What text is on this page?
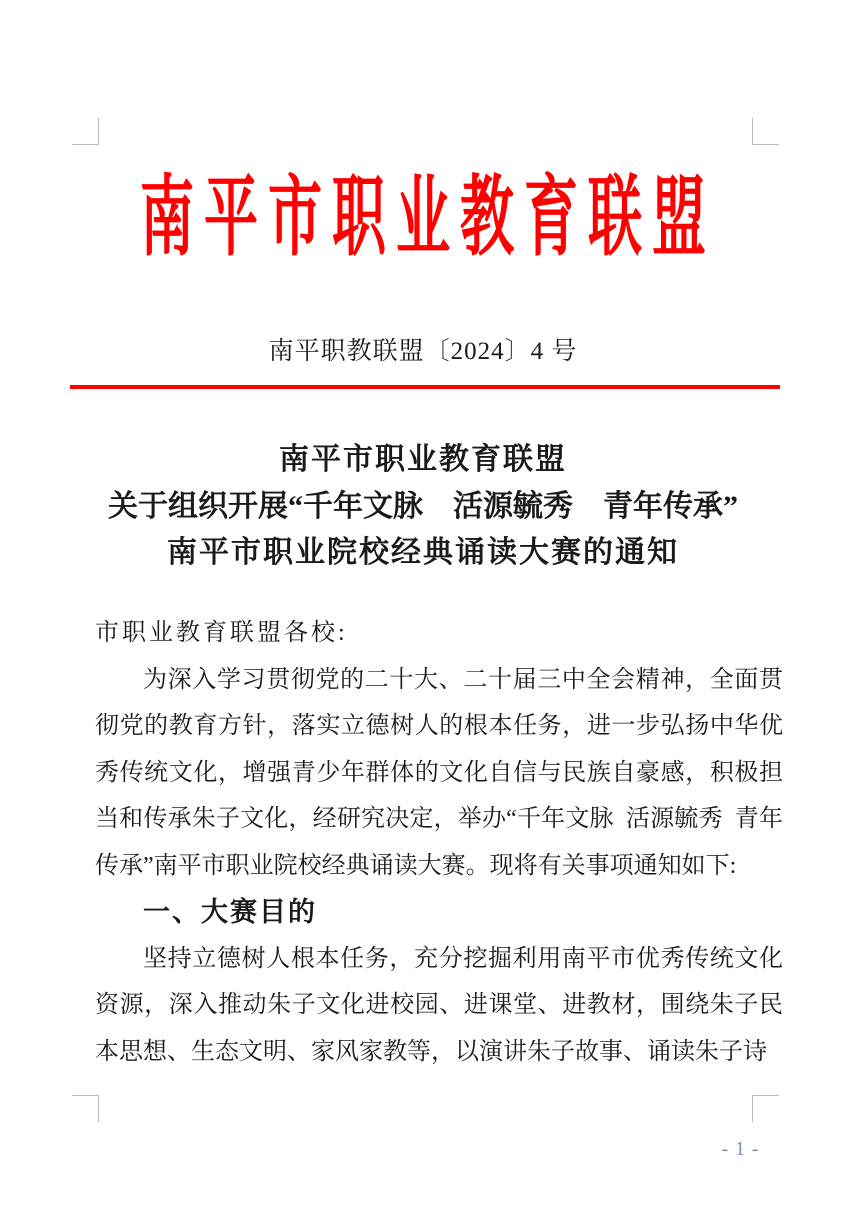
南平市职业教育联盟
南平职教联盟〔2024〕4 号
南平市职业教育联盟
关于组织开展“千年文脉　活源毓秀　青年传承”
南平市职业院校经典诵读大赛的通知

市职业教育联盟各校:

为深入学习贯彻党的二十大、二十届三中全会精神，全面贯彻党的教育方针，落实立德树人的根本任务，进一步弘扬中华优秀传统文化，增强青少年群体的文化自信与民族自豪感，积极担当和传承朱子文化，经研究决定，举办“千年文脉 活源毓秀 青年传承”南平市职业院校经典诵读大赛。现将有关事项通知如下:

一、大赛目的

坚持立德树人根本任务，充分挖掘利用南平市优秀传统文化资源，深入推动朱子文化进校园、进课堂、进教材，围绕朱子民本思想、生态文明、家风家教等，以演讲朱子故事、诵读朱子诗

- 1 -
